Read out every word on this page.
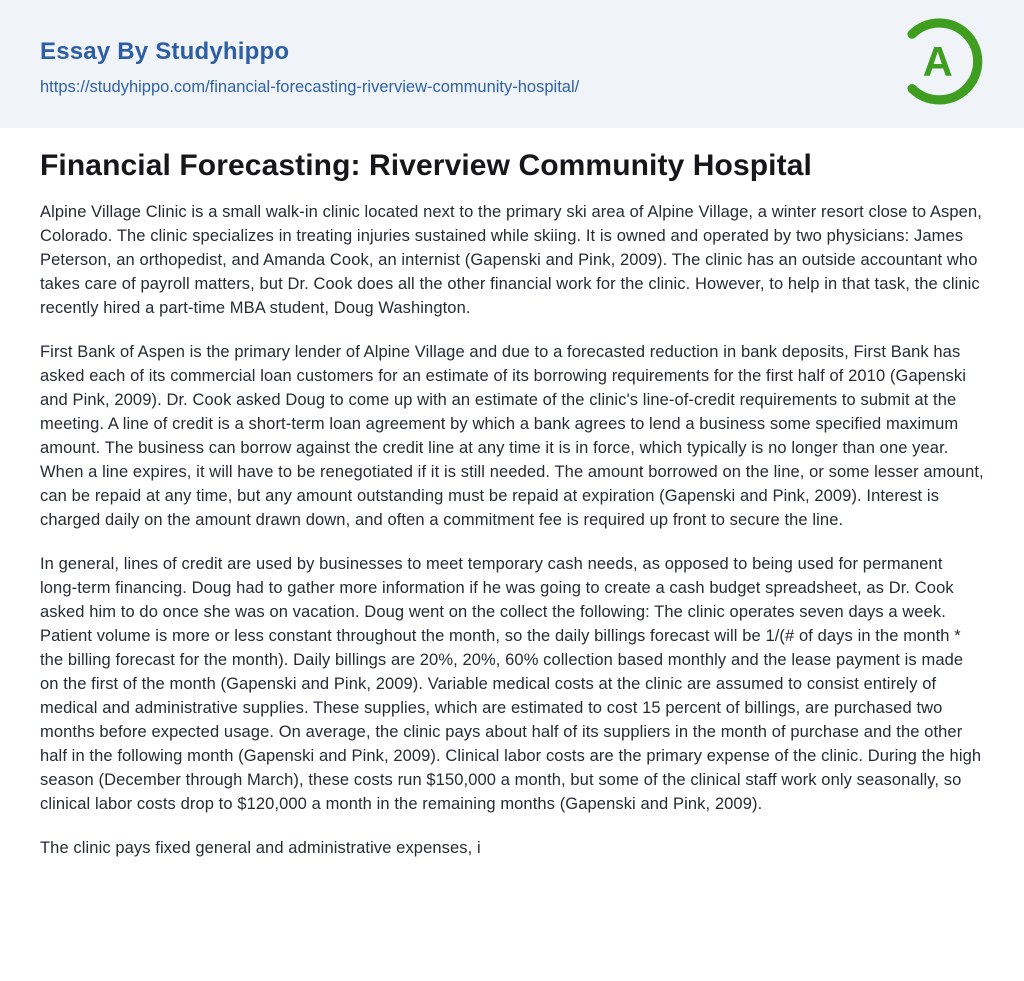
Essay By Studyhippo
https://studyhippo.com/financial-forecasting-riverview-community-hospital/
A
Financial Forecasting: Riverview Community Hospital

Alpine Village Clinic is a small walk-in clinic located next to the primary ski area of Alpine Village, a winter resort close to Aspen, Colorado. The clinic specializes in treating injuries sustained while skiing. It is owned and operated by two physicians: James Peterson, an orthopedist, and Amanda Cook, an internist (Gapenski and Pink, 2009). The clinic has an outside accountant who takes care of payroll matters, but Dr. Cook does all the other financial work for the clinic. However, to help in that task, the clinic recently hired a part-time MBA student, Doug Washington.

First Bank of Aspen is the primary lender of Alpine Village and due to a forecasted reduction in bank deposits, First Bank has asked each of its commercial loan customers for an estimate of its borrowing requirements for the first half of 2010 (Gapenski and Pink, 2009). Dr. Cook asked Doug to come up with an estimate of the clinic's line-of-credit requirements to submit at the meeting. A line of credit is a short-term loan agreement by which a bank agrees to lend a business some specified maximum amount. The business can borrow against the credit line at any time it is in force, which typically is no longer than one year. When a line expires, it will have to be renegotiated if it is still needed. The amount borrowed on the line, or some lesser amount, can be repaid at any time, but any amount outstanding must be repaid at expiration (Gapenski and Pink, 2009). Interest is charged daily on the amount drawn down, and often a commitment fee is required up front to secure the line.

In general, lines of credit are used by businesses to meet temporary cash needs, as opposed to being used for permanent long-term financing. Doug had to gather more information if he was going to create a cash budget spreadsheet, as Dr. Cook asked him to do once she was on vacation. Doug went on the collect the following: The clinic operates seven days a week. Patient volume is more or less constant throughout the month, so the daily billings forecast will be 1/(# of days in the month * the billing forecast for the month). Daily billings are 20%, 20%, 60% collection based monthly and the lease payment is made on the first of the month (Gapenski and Pink, 2009). Variable medical costs at the clinic are assumed to consist entirely of medical and administrative supplies. These supplies, which are estimated to cost 15 percent of billings, are purchased two months before expected usage. On average, the clinic pays about half of its suppliers in the month of purchase and the other half in the following month (Gapenski and Pink, 2009). Clinical labor costs are the primary expense of the clinic. During the high season (December through March), these costs run $150,000 a month, but some of the clinical staff work only seasonally, so clinical labor costs drop to $120,000 a month in the remaining months (Gapenski and Pink, 2009).

The clinic pays fixed general and administrative expenses, i
